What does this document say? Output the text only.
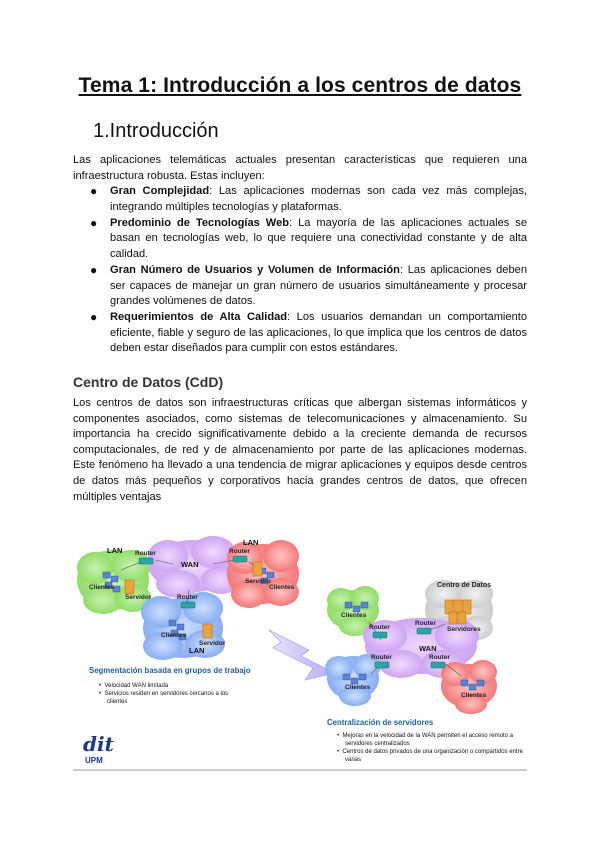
Tema 1: Introducción a los centros de datos
1.Introducción
Las aplicaciones telemáticas actuales presentan características que requieren una infraestructura robusta. Estas incluyen:
● Gran Complejidad: Las aplicaciones modernas son cada vez más complejas, integrando múltiples tecnologías y plataformas.
● Predominio de Tecnologías Web: La mayoría de las aplicaciones actuales se basan en tecnologías web, lo que requiere una conectividad constante y de alta calidad.
● Gran Número de Usuarios y Volumen de Información: Las aplicaciones deben ser capaces de manejar un gran número de usuarios simultáneamente y procesar grandes volúmenes de datos.
● Requerimientos de Alta Calidad: Los usuarios demandan un comportamiento eficiente, fiable y seguro de las aplicaciones, lo que implica que los centros de datos deben estar diseñados para cumplir con estos estándares.
Centro de Datos (CdD)
Los centros de datos son infraestructuras críticas que albergan sistemas informáticos y componentes asociados, como sistemas de telecomunicaciones y almacenamiento. Su importancia ha crecido significativamente debido a la creciente demanda de recursos computacionales, de red y de almacenamiento por parte de las aplicaciones modernas. Este fenómeno ha llevado a una tendencia de migrar aplicaciones y equipos desde centros de datos más pequeños y corporativos hacia grandes centros de datos, que ofrecen múltiples ventajas
LAN
Clientes
Servidor
Router
WAN
Router
LAN
Clientes
Servidor
Router
Clientes
Servidor
LAN
Segmentación basada en grupos de trabajo
•  Velocidad WAN limitada
•  Servicios residen en servidores cercanos a los clientes
Centro de Datos
Clientes
Servidores
Router
Router
WAN
Router	Router
Clientes
Clientes
Centralización de servidores
•  Mejoras en la velocidad de la WAN permiten el acceso remoto a servidores centralizados
•  Centros de datos privados de una organización o compartidos entre varias
dit
UPM
